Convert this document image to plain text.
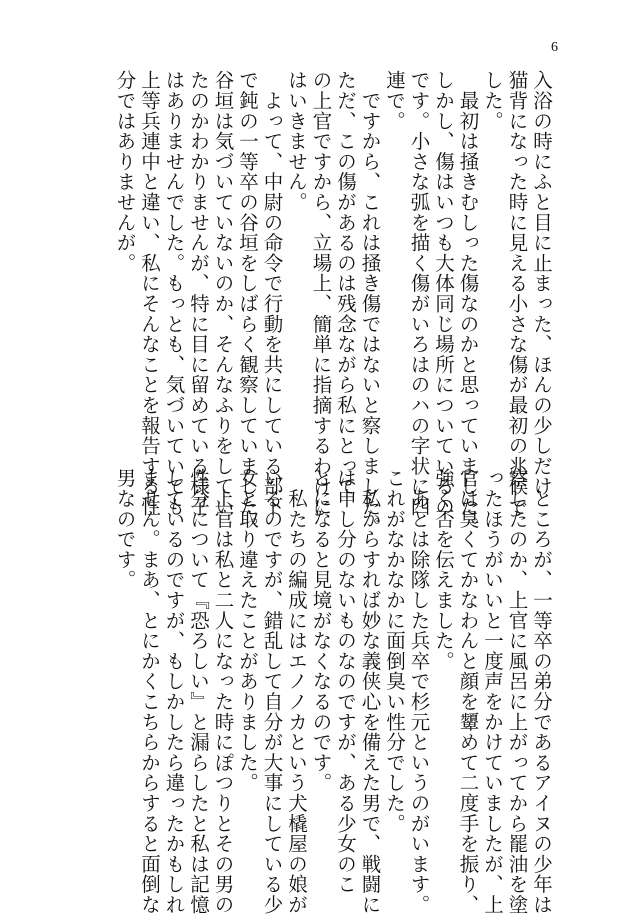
6
入浴の時にふと目に止まった、ほんの少しだけ
猫背になった時に見える小さな傷が最初の兆候で
した。
　最初は掻きむしった傷なのかと思っていました。
しかし、傷はいつも大体同じ場所についているの
です。小さな弧を描く傷がいろはのハの字状に四
連で。
　ですから、これは掻き傷ではないと察しました。
ただ、この傷があるのは残念ながら私にとって
の上官ですから、立場上、簡単に指摘するわけに
はいきません。
　よって、中尉の命令で行動を共にしている部下
で鈍の一等卒の谷垣をしばらく観察していました。
谷垣は気づいていないのか、そんなふりをしてい
たのかわかりませんが、特に目に留めている様子
はありませんでした。もっとも、気づいていても
上等兵連中と違い、私にそんなことを報告する性
分ではありませんが。
　ところが、一等卒の弟分であるアイヌの少年は
察したのか、上官に風呂に上がってから罷油を塗
ったほうがいいと一度声をかけていましたが、上
官は臭くてかなわんと顔を顰めて二度手を振り、
強く否を伝えました。
　あとは除隊した兵卒で杉元というのがいます。
これがなかなかに面倒臭い性分でした。
　私からすれば妙な義侠心を備えた男で、戦闘に
は申し分のないものなのですが、ある少女のこ
とになると見境がなくなるのです。
　私たちの編成にはエノノカという犬橇屋の娘が
いるのですが、錯乱して自分が大事にしている少
女と取り違えたことがありました。
　上官は私と二人になった時にぽつりとその男の
性分について『恐ろしい』と漏らしたと私は記憶
しているのですが、もしかしたら違ったかもしれ
ません。まあ、とにかくこちらからすると面倒な
男なのです。
